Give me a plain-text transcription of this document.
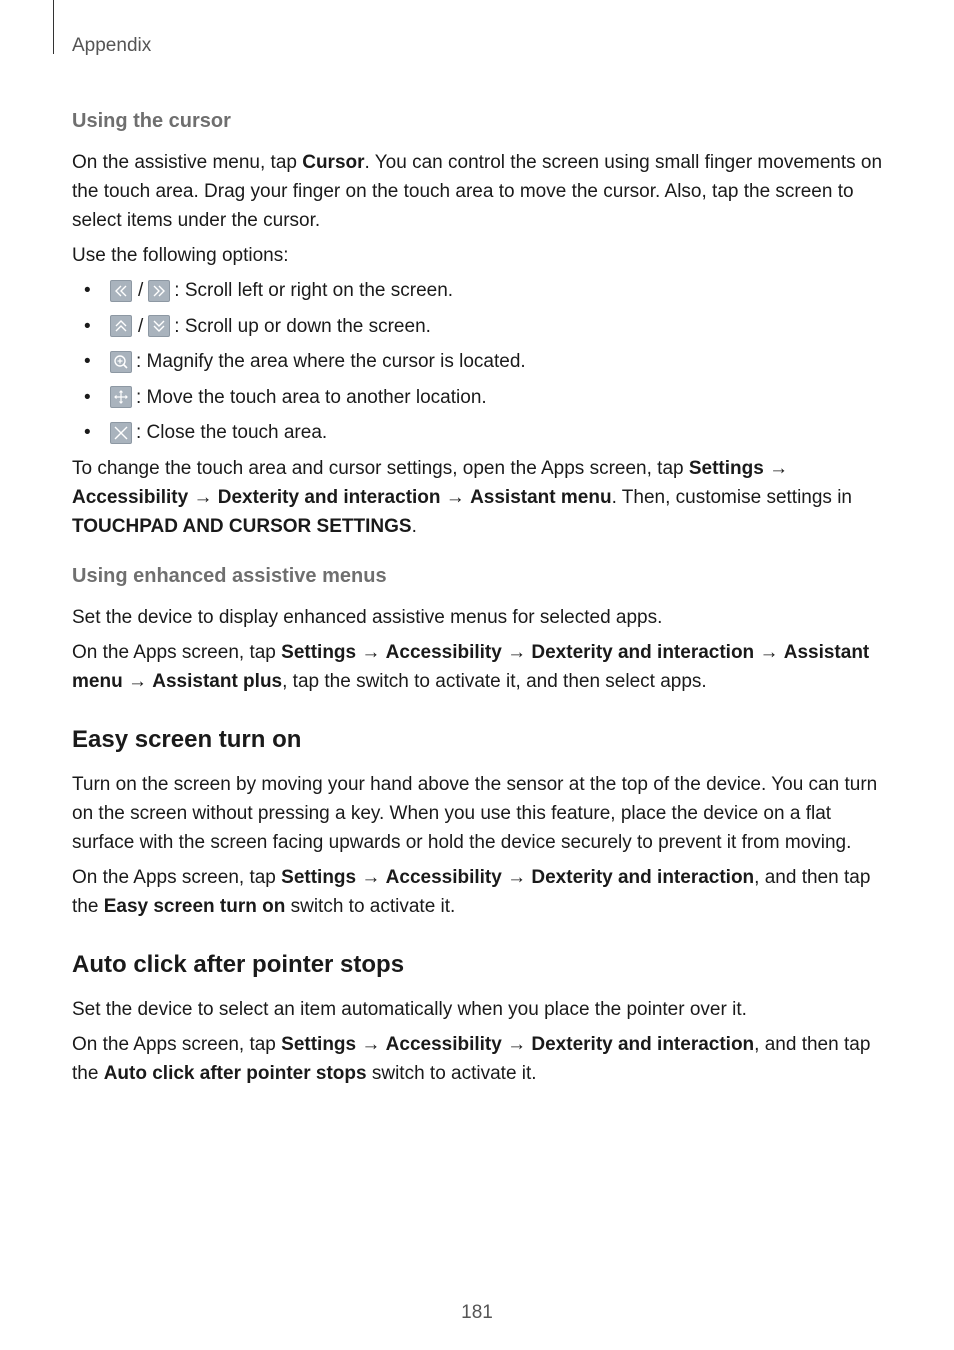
Appendix
Using the cursor

On the assistive menu, tap Cursor. You can control the screen using small finger movements on the touch area. Drag your finger on the touch area to move the cursor. Also, tap the screen to select items under the cursor.

Use the following options:

• / : Scroll left or right on the screen.
• / : Scroll up or down the screen.
• : Magnify the area where the cursor is located.
• : Move the touch area to another location.
• : Close the touch area.

To change the touch area and cursor settings, open the Apps screen, tap Settings → Accessibility → Dexterity and interaction → Assistant menu. Then, customise settings in TOUCHPAD AND CURSOR SETTINGS.

Using enhanced assistive menus

Set the device to display enhanced assistive menus for selected apps.

On the Apps screen, tap Settings → Accessibility → Dexterity and interaction → Assistant menu → Assistant plus, tap the switch to activate it, and then select apps.

Easy screen turn on

Turn on the screen by moving your hand above the sensor at the top of the device. You can turn on the screen without pressing a key. When you use this feature, place the device on a flat surface with the screen facing upwards or hold the device securely to prevent it from moving.

On the Apps screen, tap Settings → Accessibility → Dexterity and interaction, and then tap the Easy screen turn on switch to activate it.

Auto click after pointer stops

Set the device to select an item automatically when you place the pointer over it.

On the Apps screen, tap Settings → Accessibility → Dexterity and interaction, and then tap the Auto click after pointer stops switch to activate it.

181
